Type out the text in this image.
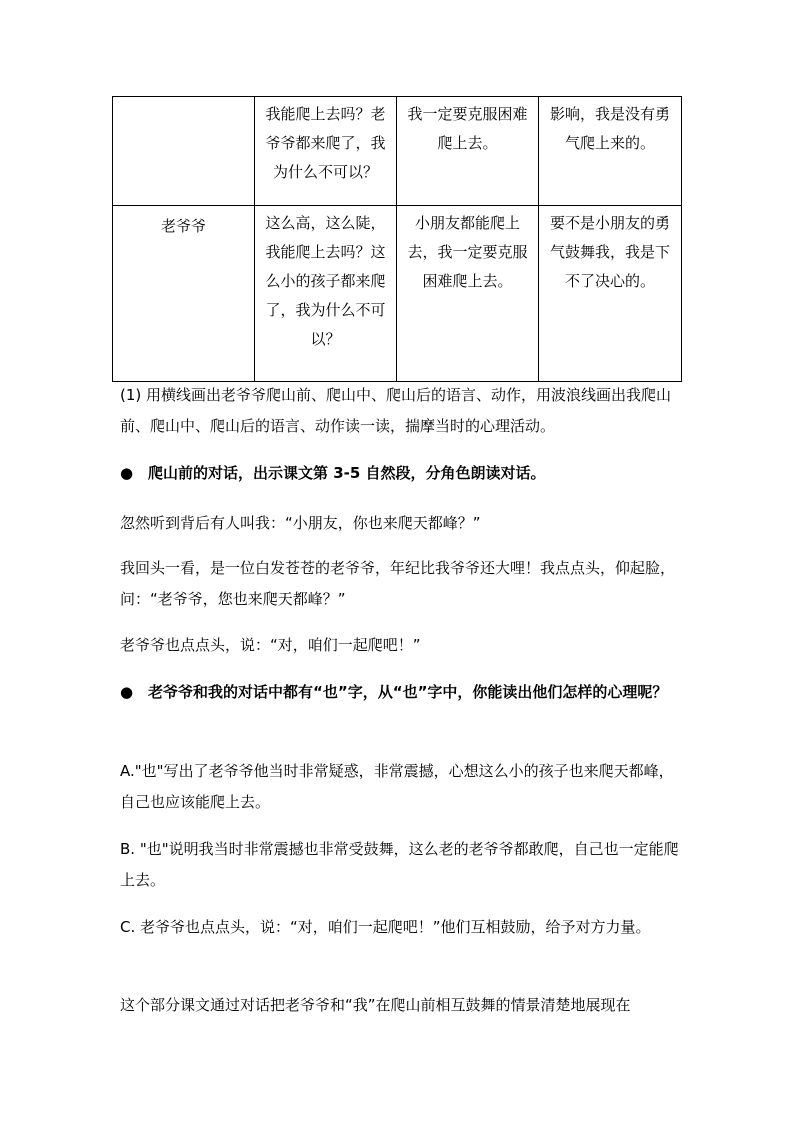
	我能爬上去吗？老爷爷都来爬了，我为什么不可以？	我一定要克服困难爬上去。	影响，我是没有勇气爬上来的。
老爷爷	这么高，这么陡，我能爬上去吗？这么小的孩子都来爬了，我为什么不可以？	小朋友都能爬上去，我一定要克服困难爬上去。	要不是小朋友的勇气鼓舞我，我是下不了决心的。

(1) 用横线画出老爷爷爬山前、爬山中、爬山后的语言、动作，用波浪线画出我爬山前、爬山中、爬山后的语言、动作读一读，揣摩当时的心理活动。

● 爬山前的对话，出示课文第 3-5 自然段，分角色朗读对话。

忽然听到背后有人叫我：“小朋友，你也来爬天都峰？”

我回头一看，是一位白发苍苍的老爷爷，年纪比我爷爷还大哩！我点点头，仰起脸，问：“老爷爷，您也来爬天都峰？”

老爷爷也点点头，说：“对，咱们一起爬吧！”

● 老爷爷和我的对话中都有“也”字，从“也”字中，你能读出他们怎样的心理呢？

A."也"写出了老爷爷他当时非常疑惑，非常震撼，心想这么小的孩子也来爬天都峰，自己也应该能爬上去。

B. "也"说明我当时非常震撼也非常受鼓舞，这么老的老爷爷都敢爬，自己也一定能爬上去。

C. 老爷爷也点点头，说：“对，咱们一起爬吧！”他们互相鼓励，给予对方力量。

这个部分课文通过对话把老爷爷和“我”在爬山前相互鼓舞的情景清楚地展现在
